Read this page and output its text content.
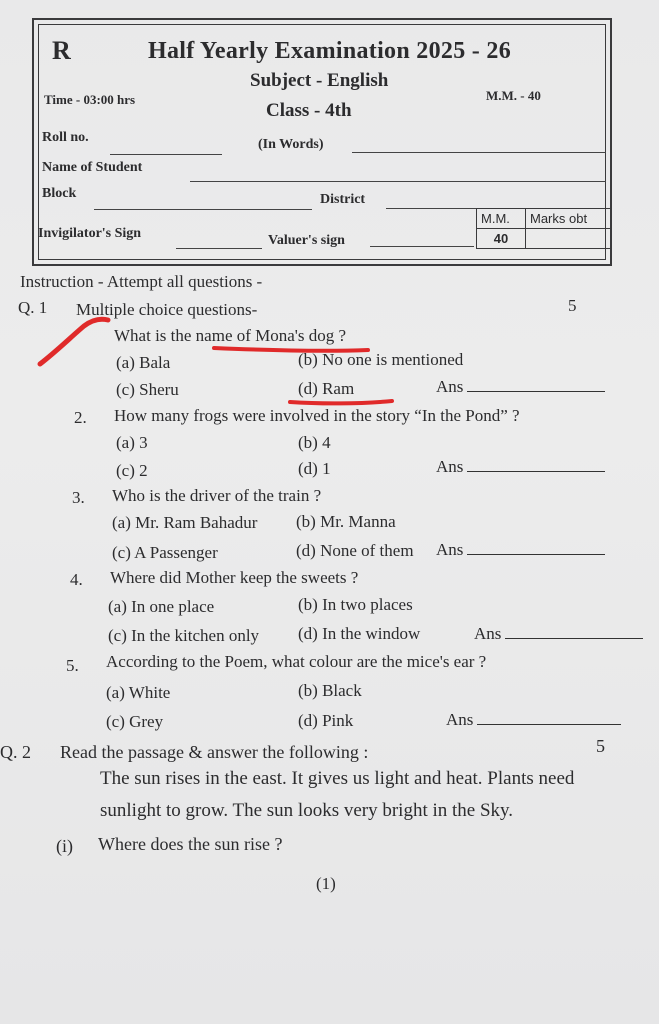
R	Half Yearly Examination 2025 - 26
Subject - English
Class - 4th
Time - 03:00 hrs	M.M. - 40
Roll no.	(In Words)
Name of Student
Block	District
Invigilator's Sign	Valuer's sign
M.M.	Marks obt
40	
Instruction - Attempt all questions -
Q. 1 Multiple choice questions-	5
What is the name of Mona's dog ?
(a) Bala	(b) No one is mentioned
(c) Sheru	(d) Ram	Ans
2. How many frogs were involved in the story “In the Pond” ?
(a) 3	(b) 4
(c) 2	(d) 1	Ans
3. Who is the driver of the train ?
(a) Mr. Ram Bahadur (b) Mr. Manna
(c) A Passenger	(d) None of them Ans
4. Where did Mother keep the sweets ?
(a) In one place	(b) In two places
(c) In the kitchen only (d) In the window	Ans
5. According to the Poem, what colour are the mice's ear ?
(a) White	(b) Black
(c) Grey	(d) Pink	Ans
Q. 2 Read the passage & answer the following :	5
The sun rises in the east. It gives us light and heat. Plants need
sunlight to grow. The sun looks very bright in the Sky.
(i) Where does the sun rise ?
(1)
